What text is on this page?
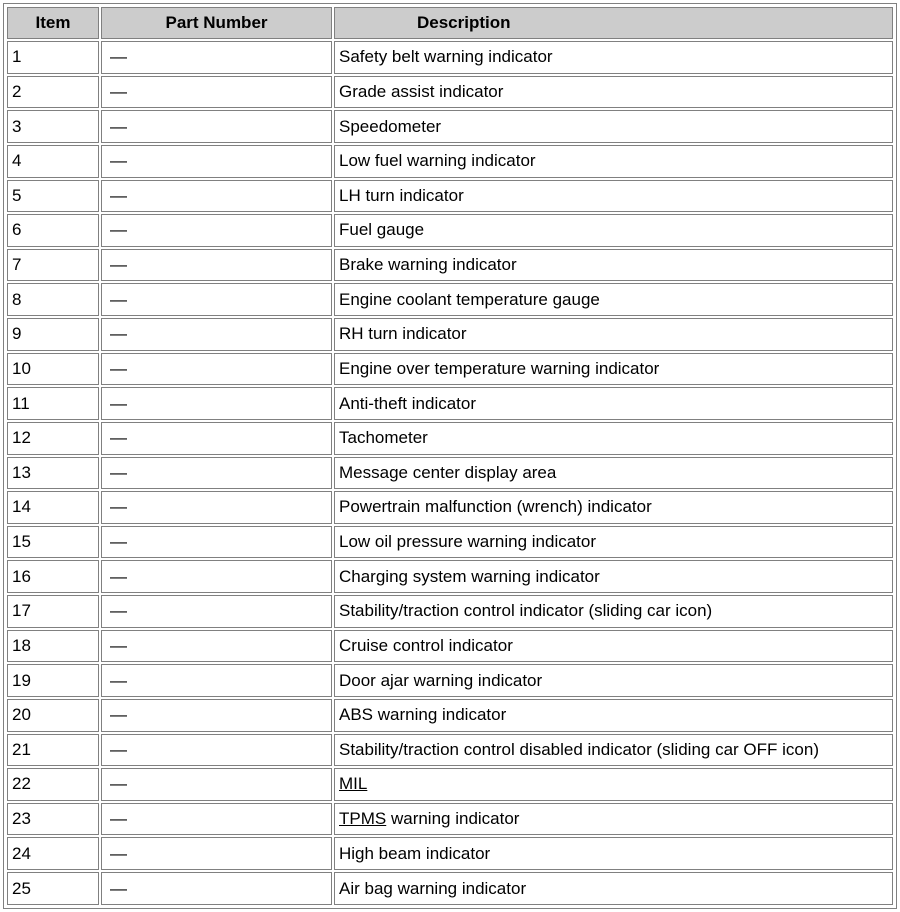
Item	Part Number	Description
1	—	Safety belt warning indicator
2	—	Grade assist indicator
3	—	Speedometer
4	—	Low fuel warning indicator
5	—	LH turn indicator
6	—	Fuel gauge
7	—	Brake warning indicator
8	—	Engine coolant temperature gauge
9	—	RH turn indicator
10	—	Engine over temperature warning indicator
11	—	Anti-theft indicator
12	—	Tachometer
13	—	Message center display area
14	—	Powertrain malfunction (wrench) indicator
15	—	Low oil pressure warning indicator
16	—	Charging system warning indicator
17	—	Stability/traction control indicator (sliding car icon)
18	—	Cruise control indicator
19	—	Door ajar warning indicator
20	—	ABS warning indicator
21	—	Stability/traction control disabled indicator (sliding car OFF icon)
22	—	MIL
23	—	TPMS warning indicator
24	—	High beam indicator
25	—	Air bag warning indicator
